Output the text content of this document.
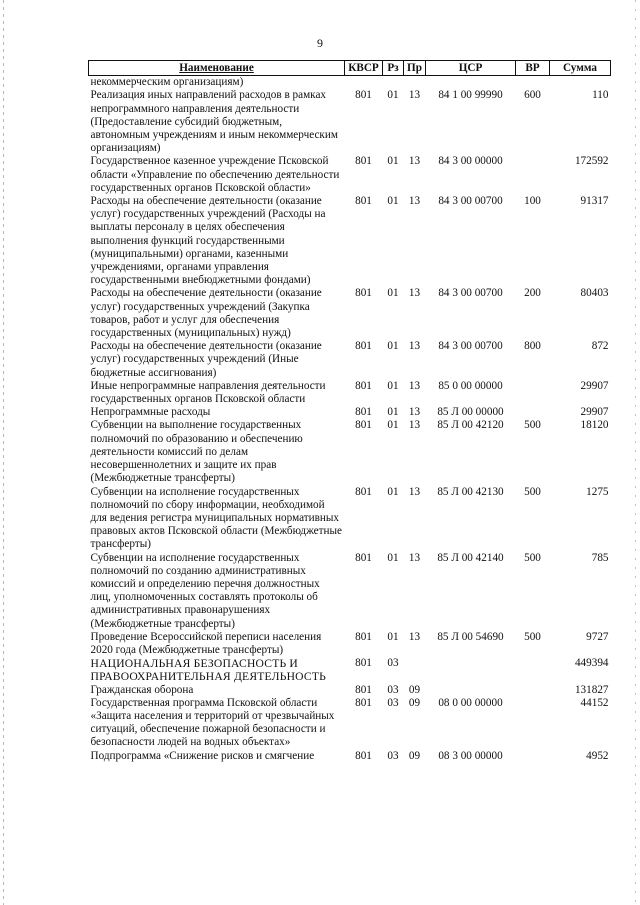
9
Наименование	КВСР	Рз	Пр	ЦСР	ВР	Сумма
некоммерческим организациям)						
Реализация иных направлений расходов в рамках непрограммного направления деятельности (Предоставление субсидий бюджетным, автономным учреждениям и иным некоммерческим организациям)	801	01	13	84 1 00 99990	600	110
Государственное казенное учреждение Псковской области «Управление по обеспечению деятельности государственных органов Псковской области»	801	01	13	84 3 00 00000		172592
Расходы на обеспечение деятельности (оказание услуг) государственных учреждений (Расходы на выплаты персоналу в целях обеспечения выполнения функций государственными (муниципальными) органами, казенными учреждениями, органами управления государственными внебюджетными фондами)	801	01	13	84 3 00 00700	100	91317
Расходы на обеспечение деятельности (оказание услуг) государственных учреждений (Закупка товаров, работ и услуг для обеспечения государственных (муниципальных) нужд)	801	01	13	84 3 00 00700	200	80403
Расходы на обеспечение деятельности (оказание услуг) государственных учреждений (Иные бюджетные ассигнования)	801	01	13	84 3 00 00700	800	872
Иные непрограммные направления деятельности государственных органов Псковской области	801	01	13	85 0 00 00000		29907
Непрограммные расходы	801	01	13	85 Л 00 00000		29907
Субвенции на выполнение государственных полномочий по образованию и обеспечению деятельности комиссий по делам несовершеннолетних и защите их прав (Межбюджетные трансферты)	801	01	13	85 Л 00 42120	500	18120
Субвенции на исполнение государственных полномочий по сбору информации, необходимой для ведения регистра муниципальных нормативных правовых актов Псковской области (Межбюджетные трансферты)	801	01	13	85 Л 00 42130	500	1275
Субвенции на исполнение государственных полномочий по созданию административных комиссий и определению перечня должностных лиц, уполномоченных составлять протоколы об административных правонарушениях (Межбюджетные трансферты)	801	01	13	85 Л 00 42140	500	785
Проведение Всероссийской переписи населения 2020 года (Межбюджетные трансферты)	801	01	13	85 Л 00 54690	500	9727
НАЦИОНАЛЬНАЯ БЕЗОПАСНОСТЬ И ПРАВООХРАНИТЕЛЬНАЯ ДЕЯТЕЛЬНОСТЬ	801	03				449394
Гражданская оборона	801	03	09			131827
Государственная программа Псковской области «Защита населения и территорий от чрезвычайных ситуаций, обеспечение пожарной безопасности и безопасности людей на водных объектах»	801	03	09	08 0 00 00000		44152
Подпрограмма «Снижение рисков и смягчение	801	03	09	08 3 00 00000		4952
